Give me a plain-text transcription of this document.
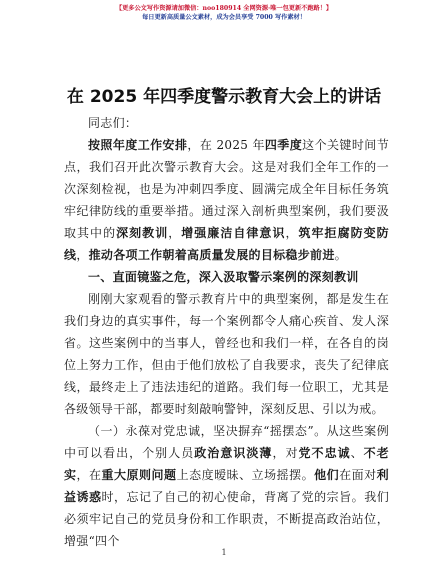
【更多公文写作资源请加微信：noo180914 全网资源·唯一包更新不跑路！】
每日更新高质量公文素材，成为会员享受 7000 写作素材！
在 2025 年四季度警示教育大会上的讲话

同志们：

按照年度工作安排，在 2025 年四季度这个关键时间节点，我们召开此次警示教育大会。这是对我们全年工作的一次深刻检视，也是为冲刺四季度、圆满完成全年目标任务筑牢纪律防线的重要举措。通过深入剖析典型案例，我们要汲取其中的深刻教训，增强廉洁自律意识，筑牢拒腐防变防线，推动各项工作朝着高质量发展的目标稳步前进。

一、直面镜鉴之危，深入汲取警示案例的深刻教训

刚刚大家观看的警示教育片中的典型案例，都是发生在我们身边的真实事件，每一个案例都令人痛心疾首、发人深省。这些案例中的当事人，曾经也和我们一样，在各自的岗位上努力工作，但由于他们放松了自我要求，丧失了纪律底线，最终走上了违法违纪的道路。我们每一位职工，尤其是各级领导干部，都要时刻敲响警钟，深刻反思、引以为戒。

（一）永葆对党忠诚，坚决摒弃“摇摆态”。从这些案例中可以看出，个别人员政治意识淡薄，对党不忠诚、不老实，在重大原则问题上态度暧昧、立场摇摆。他们在面对利益诱惑时，忘记了自己的初心使命，背离了党的宗旨。我们必须牢记自己的党员身份和工作职责，不断提高政治站位，增强“四个

1
